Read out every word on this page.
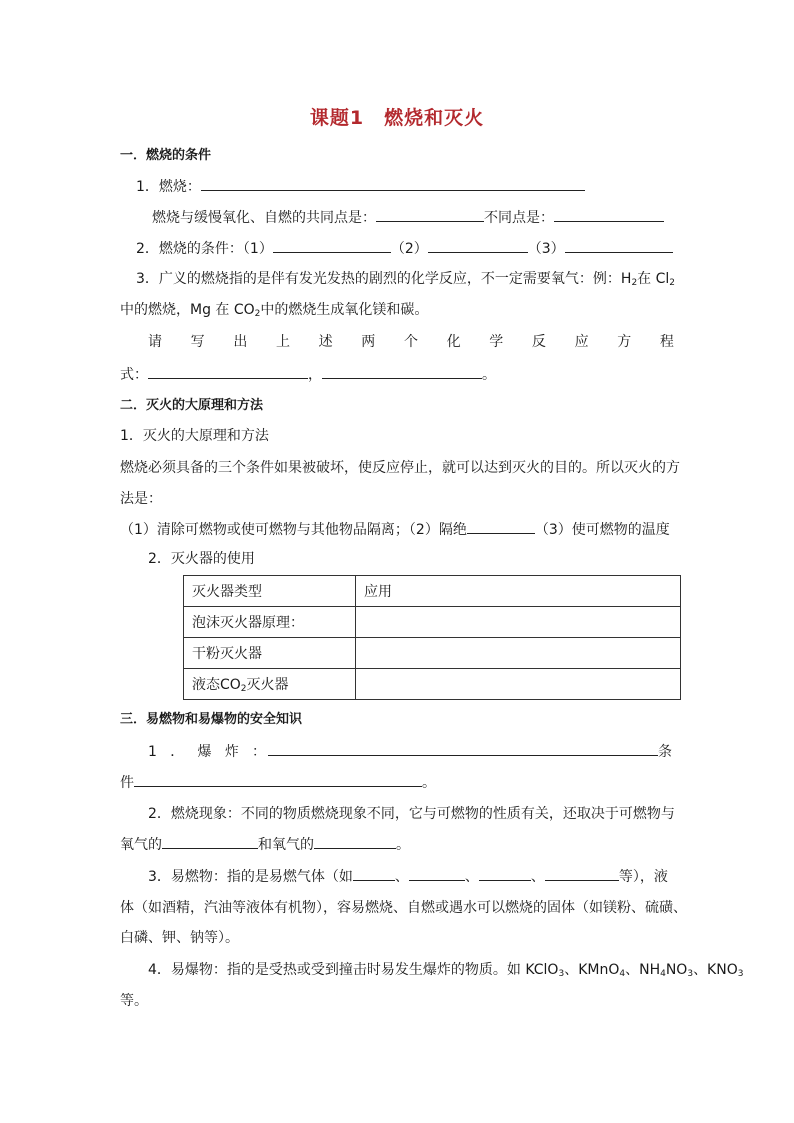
课题1　燃烧和灭火
一．燃烧的条件
1．燃烧：
燃烧与缓慢氧化、自燃的共同点是：	不同点是：
2．燃烧的条件：（1）	（2）	（3）
3．广义的燃烧指的是伴有发光发热的剧烈的化学反应，不一定需要氧气：例：$H_2$在 $Cl_2$
中的燃烧，Mg 在 $CO_2$中的燃烧生成氧化镁和碳。
请 写 出 上 述 两 个 化 学 反 应 方 程
式：	，	。
二．灭火的大原理和方法
1．灭火的大原理和方法
燃烧必须具备的三个条件如果被破坏，使反应停止，就可以达到灭火的目的。所以灭火的方
法是：
（1）清除可燃物或使可燃物与其他物品隔离；（2）隔绝	（3）使可燃物的温度
2．灭火器的使用
灭火器类型	应用
泡沫灭火器原理：	
干粉灭火器	
液态$CO_2$灭火器	
三．易燃物和易爆物的安全知识
1 ． 爆 炸 ：	条
件	。
2．燃烧现象：不同的物质燃烧现象不同，它与可燃物的性质有关，还取决于可燃物与
氧气的	和氧气的	。
3．易燃物：指的是易燃气体（如	、	、	、	等），液
体（如酒精，汽油等液体有机物），容易燃烧、自燃或遇水可以燃烧的固体（如镁粉、硫磺、
白磷、钾、钠等）。
4．易爆物：指的是受热或受到撞击时易发生爆炸的物质。如 KClO$_3$、KMnO$_4$、$NH_4NO_3$、$KNO_3$
等。
